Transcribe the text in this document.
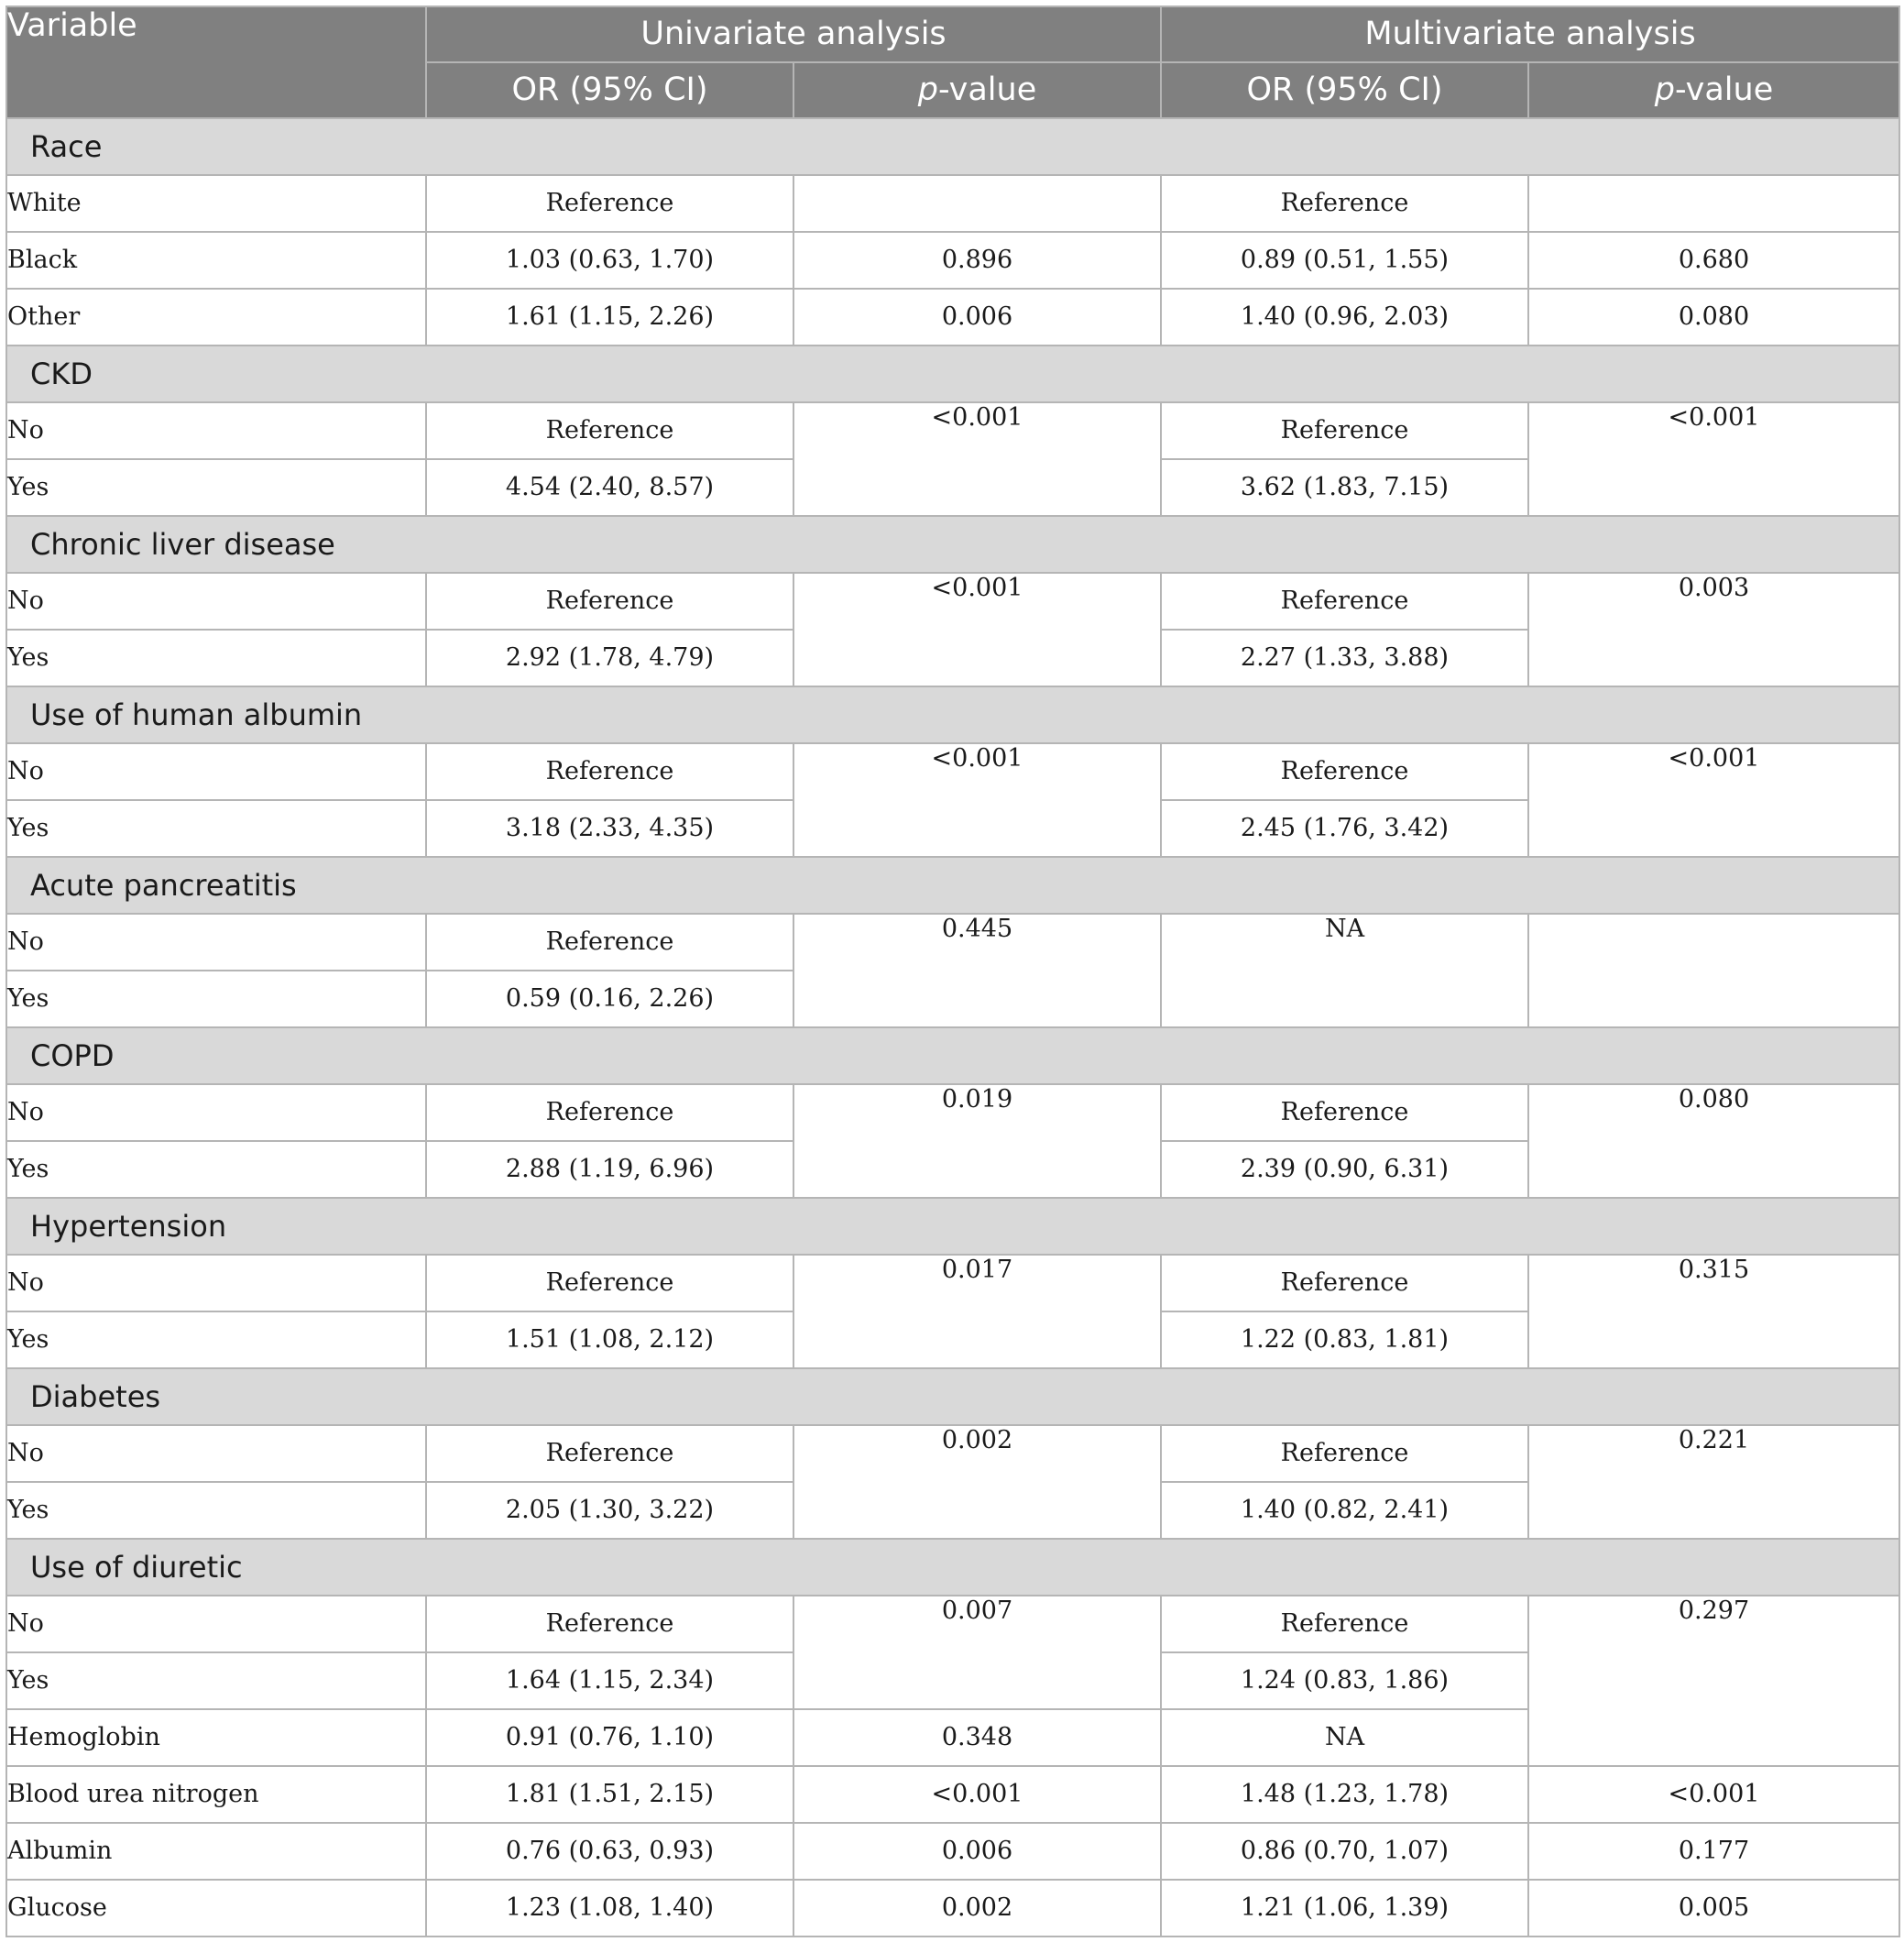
Variable	Univariate analysis		Multivariate analysis	
	OR (95% CI)	p-value	OR (95% CI)	p-value
Race				
White	Reference		Reference	
Black	1.03 (0.63, 1.70)	0.896	0.89 (0.51, 1.55)	0.680
Other	1.61 (1.15, 2.26)	0.006	1.40 (0.96, 2.03)	0.080
CKD				
No	Reference	<0.001	Reference	<0.001
Yes	4.54 (2.40, 8.57)		3.62 (1.83, 7.15)	
Chronic liver disease				
No	Reference	<0.001	Reference	0.003
Yes	2.92 (1.78, 4.79)		2.27 (1.33, 3.88)	
Use of human albumin				
No	Reference	<0.001	Reference	<0.001
Yes	3.18 (2.33, 4.35)		2.45 (1.76, 3.42)	
Acute pancreatitis				
No	Reference	0.445	NA	
Yes	0.59 (0.16, 2.26)			
COPD				
No	Reference	0.019	Reference	0.080
Yes	2.88 (1.19, 6.96)		2.39 (0.90, 6.31)	
Hypertension				
No	Reference	0.017	Reference	0.315
Yes	1.51 (1.08, 2.12)		1.22 (0.83, 1.81)	
Diabetes				
No	Reference	0.002	Reference	0.221
Yes	2.05 (1.30, 3.22)		1.40 (0.82, 2.41)	
Use of diuretic				
No	Reference	0.007	Reference	0.297
Yes	1.64 (1.15, 2.34)		1.24 (0.83, 1.86)	
Hemoglobin	0.91 (0.76, 1.10)	0.348	NA	
Blood urea nitrogen	1.81 (1.51, 2.15)	<0.001	1.48 (1.23, 1.78)	<0.001
Albumin	0.76 (0.63, 0.93)	0.006	0.86 (0.70, 1.07)	0.177
Glucose	1.23 (1.08, 1.40)	0.002	1.21 (1.06, 1.39)	0.005
